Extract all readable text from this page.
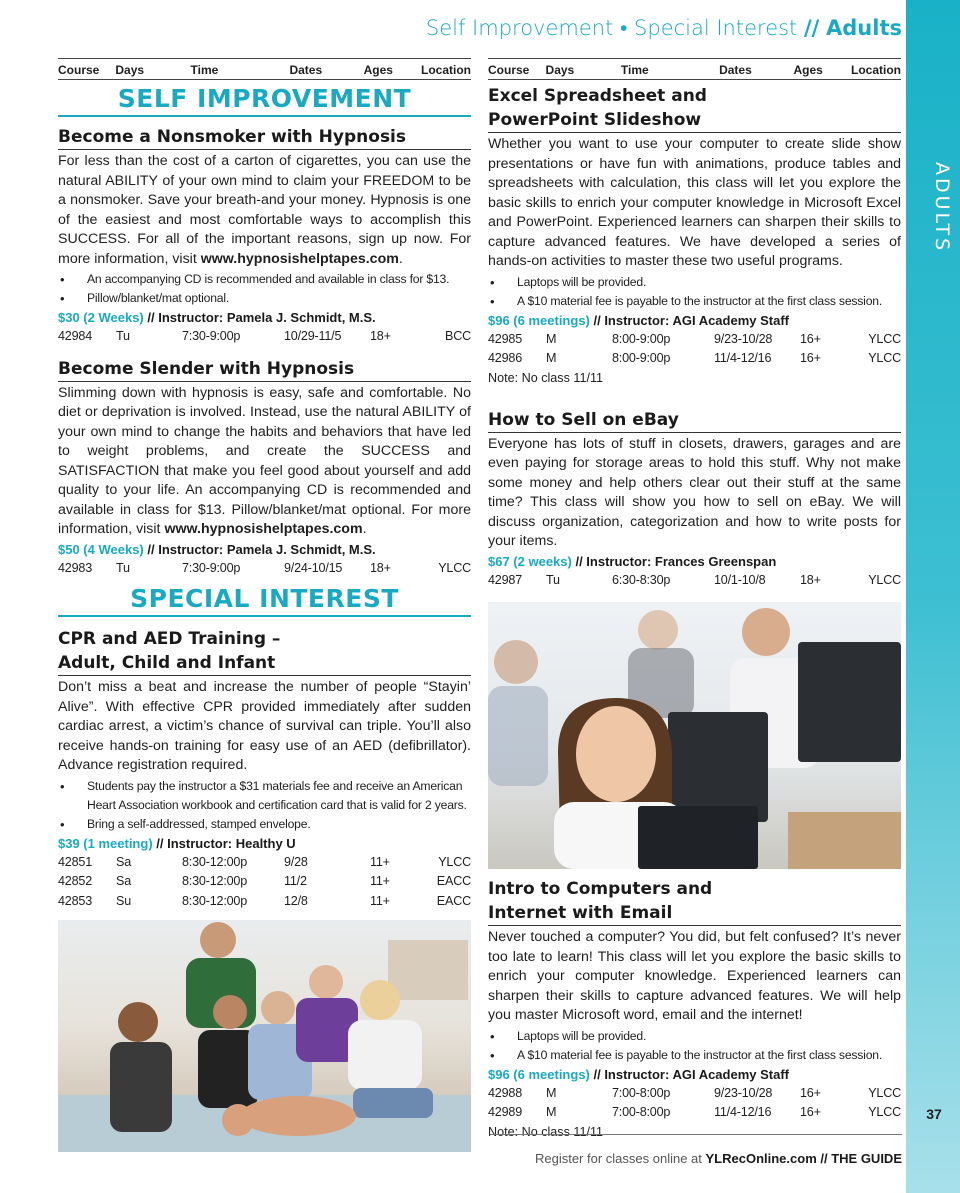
ADULTS
37
Self Improvement • Special Interest // Adults
Course	Days	Time	Dates	Ages	Location
SELF IMPROVEMENT
Become a Nonsmoker with Hypnosis
For less than the cost of a carton of cigarettes, you can use the natural ABILITY of your own mind to claim your FREEDOM to be a nonsmoker. Save your breath-and your money. Hypnosis is one of the easiest and most comfortable ways to accomplish this SUCCESS. For all of the important reasons, sign up now. For more information, visit www.hypnosishelptapes.com.
• An accompanying CD is recommended and available in class for $13.
• Pillow/blanket/mat optional.
$30 (2 Weeks) // Instructor: Pamela J. Schmidt, M.S.
42984	Tu	7:30-9:00p	10/29-11/5	18+	BCC
Become Slender with Hypnosis
Slimming down with hypnosis is easy, safe and comfortable. No diet or deprivation is involved. Instead, use the natural ABILITY of your own mind to change the habits and behaviors that have led to weight problems, and create the SUCCESS and SATISFACTION that make you feel good about yourself and add quality to your life. An accompanying CD is recommended and available in class for $13. Pillow/blanket/mat optional. For more information, visit www.hypnosishelptapes.com.
$50 (4 Weeks) // Instructor: Pamela J. Schmidt, M.S.
42983	Tu	7:30-9:00p	9/24-10/15	18+	YLCC
SPECIAL INTEREST
CPR and AED Training –
Adult, Child and Infant
Don’t miss a beat and increase the number of people “Stayin’ Alive”. With effective CPR provided immediately after sudden cardiac arrest, a victim’s chance of survival can triple. You’ll also receive hands-on training for easy use of an AED (defibrillator). Advance registration required.
• Students pay the instructor a $31 materials fee and receive an American Heart Association workbook and certification card that is valid for 2 years.
• Bring a self-addressed, stamped envelope.
$39 (1 meeting) // Instructor: Healthy U
42851	Sa	8:30-12:00p	9/28	11+	YLCC
42852	Sa	8:30-12:00p	11/2	11+	EACC
42853	Su	8:30-12:00p	12/8	11+	EACC
Course	Days	Time	Dates	Ages	Location
Excel Spreadsheet and
PowerPoint Slideshow
Whether you want to use your computer to create slide show presentations or have fun with animations, produce tables and spreadsheets with calculation, this class will let you explore the basic skills to enrich your computer knowledge in Microsoft Excel and PowerPoint. Experienced learners can sharpen their skills to capture advanced features. We have developed a series of hands-on activities to master these two useful programs.
• Laptops will be provided.
• A $10 material fee is payable to the instructor at the first class session.
$96 (6 meetings) // Instructor: AGI Academy Staff
42985	M	8:00-9:00p	9/23-10/28	16+	YLCC
42986	M	8:00-9:00p	11/4-12/16	16+	YLCC
Note: No class 11/11
How to Sell on eBay
Everyone has lots of stuff in closets, drawers, garages and are even paying for storage areas to hold this stuff. Why not make some money and help others clear out their stuff at the same time? This class will show you how to sell on eBay. We will discuss organization, categorization and how to write posts for your items.
$67 (2 weeks) // Instructor: Frances Greenspan
42987	Tu	6:30-8:30p	10/1-10/8	18+	YLCC
Intro to Computers and
Internet with Email
Never touched a computer? You did, but felt confused? It’s never too late to learn! This class will let you explore the basic skills to enrich your computer knowledge. Experienced learners can sharpen their skills to capture advanced features. We will help you master Microsoft word, email and the internet!
• Laptops will be provided.
• A $10 material fee is payable to the instructor at the first class session.
$96 (6 meetings) // Instructor: AGI Academy Staff
42988	M	7:00-8:00p	9/23-10/28	16+	YLCC
42989	M	7:00-8:00p	11/4-12/16	16+	YLCC
Note: No class 11/11
Register for classes online at YLRecOnline.com // THE GUIDE
